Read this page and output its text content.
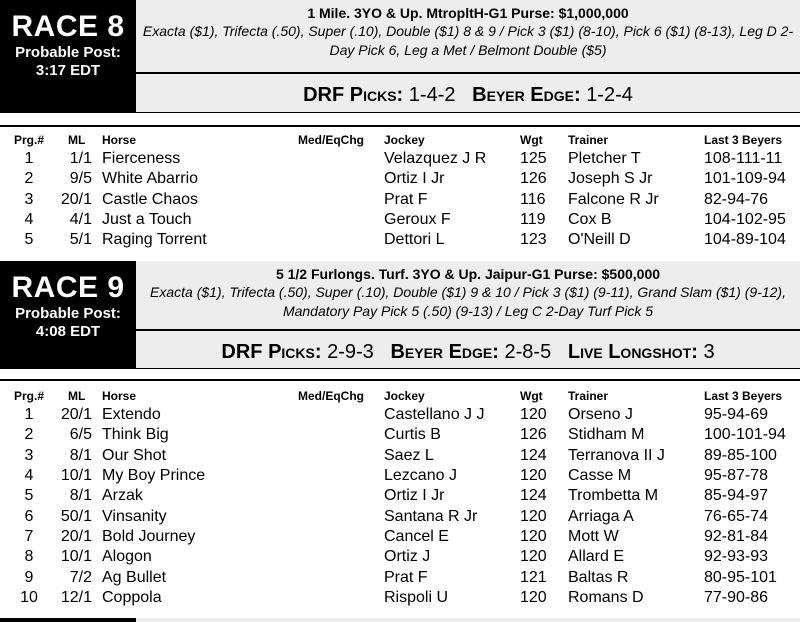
RACE 8
Probable Post:
3:17 EDT
1 Mile. 3YO & Up. MtropltH-G1 Purse: $1,000,000
Exacta ($1), Trifecta (.50), Super (.10), Double ($1) 8 & 9 / Pick 3 ($1) (8-10), Pick 6 ($1) (8-13), Leg D 2-Day Pick 6, Leg a Met / Belmont Double ($5)
DRF Picks: 1-4-2 Beyer Edge: 1-2-4
Prg.#	ML	Horse	Med/EqChg	Jockey	Wgt	Trainer	Last 3 Beyers
1	1/1	Fierceness		Velazquez J R	125	Pletcher T	108-111-11
2	9/5	White Abarrio		Ortiz I Jr	126	Joseph S Jr	101-109-94
3	20/1	Castle Chaos		Prat F	116	Falcone R Jr	82-94-76
4	4/1	Just a Touch		Geroux F	119	Cox B	104-102-95
5	5/1	Raging Torrent		Dettori L	123	O'Neill D	104-89-104
RACE 9
Probable Post:
4:08 EDT
5 1/2 Furlongs. Turf. 3YO & Up. Jaipur-G1 Purse: $500,000
Exacta ($1), Trifecta (.50), Super (.10), Double ($1) 9 & 10 / Pick 3 ($1) (9-11), Grand Slam ($1) (9-12), Mandatory Pay Pick 5 (.50) (9-13) / Leg C 2-Day Turf Pick 5
DRF Picks: 2-9-3 Beyer Edge: 2-8-5 Live Longshot: 3
Prg.#	ML	Horse	Med/EqChg	Jockey	Wgt	Trainer	Last 3 Beyers
1	20/1	Extendo		Castellano J J	120	Orseno J	95-94-69
2	6/5	Think Big		Curtis B	126	Stidham M	100-101-94
3	8/1	Our Shot		Saez L	124	Terranova II J	89-85-100
4	10/1	My Boy Prince		Lezcano J	120	Casse M	95-87-78
5	8/1	Arzak		Ortiz I Jr	124	Trombetta M	85-94-97
6	50/1	Vinsanity		Santana R Jr	120	Arriaga A	76-65-74
7	20/1	Bold Journey		Cancel E	120	Mott W	92-81-84
8	10/1	Alogon		Ortiz J	120	Allard E	92-93-93
9	7/2	Ag Bullet		Prat F	121	Baltas R	80-95-101
10	12/1	Coppola		Rispoli U	120	Romans D	77-90-86
